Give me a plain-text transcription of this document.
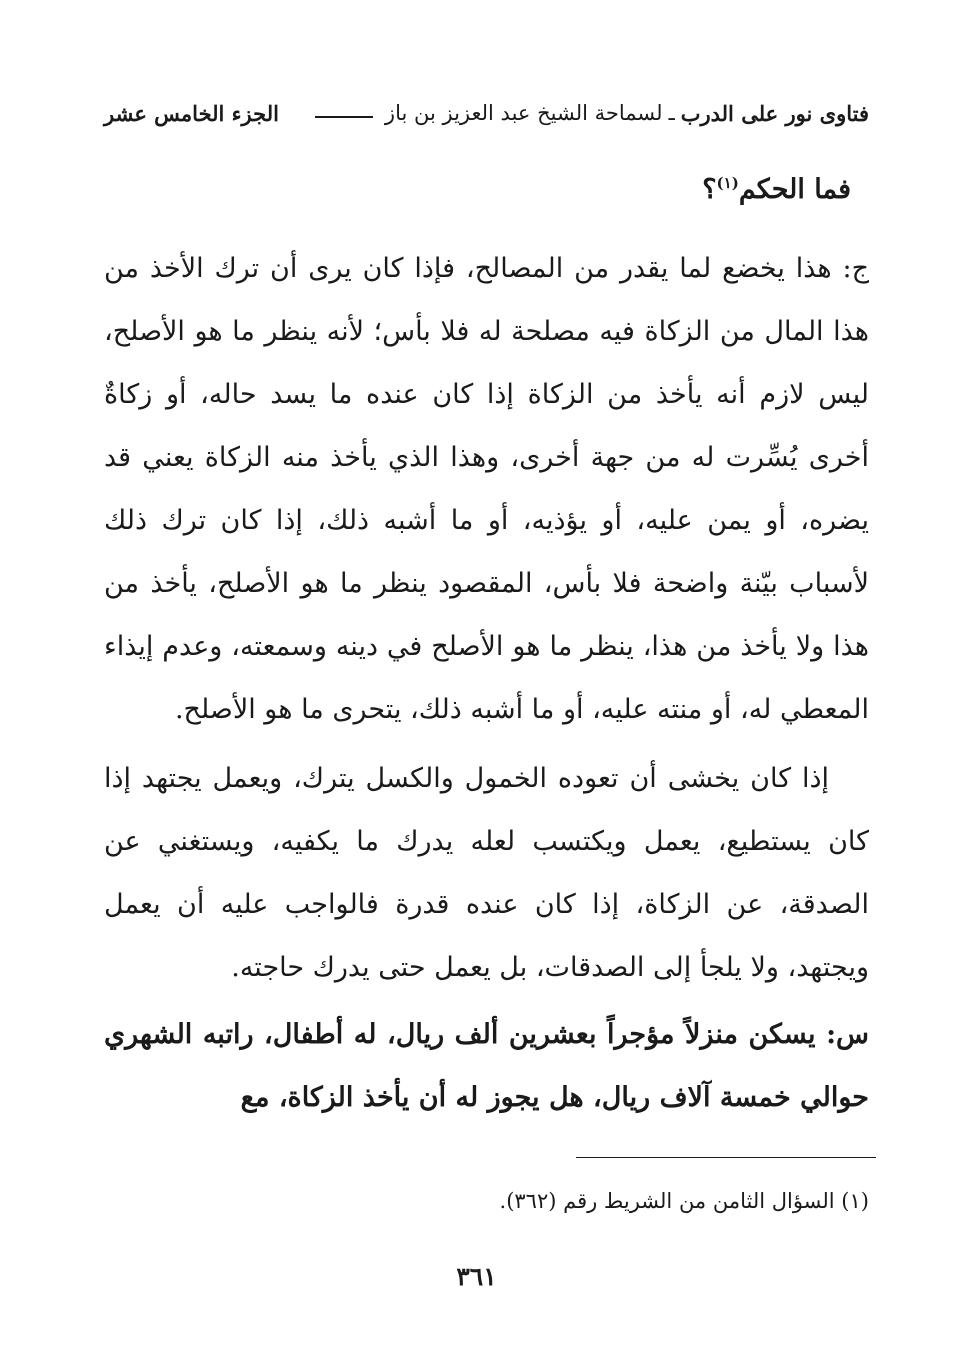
فتاوى نور على الدرب
ـ
لسماحة الشيخ عبد العزيز بن باز
الجزء الخامس عشر

فما الحكم$^{(١)}$؟

ج: هذا يخضع لما يقدر من المصالح، فإذا كان يرى أن ترك الأخذ من هذا المال من الزكاة فيه مصلحة له فلا بأس؛ لأنه ينظر ما هو الأصلح، ليس لازم أنه يأخذ من الزكاة إذا كان عنده ما يسد حاله، أو زكاةٌ أخرى يُسِّرت له من جهة أخرى، وهذا الذي يأخذ منه الزكاة يعني قد يضره، أو يمن عليه، أو يؤذيه، أو ما أشبه ذلك، إذا كان ترك ذلك لأسباب بيّنة واضحة فلا بأس، المقصود ينظر ما هو الأصلح، يأخذ من هذا ولا يأخذ من هذا، ينظر ما هو الأصلح في دينه وسمعته، وعدم إيذاء المعطي له، أو منته عليه، أو ما أشبه ذلك، يتحرى ما هو الأصلح.

إذا كان يخشى أن تعوده الخمول والكسل يترك، ويعمل يجتهد إذا كان يستطيع، يعمل ويكتسب لعله يدرك ما يكفيه، ويستغني عن الصدقة، عن الزكاة، إذا كان عنده قدرة فالواجب عليه أن يعمل ويجتهد، ولا يلجأ إلى الصدقات، بل يعمل حتى يدرك حاجته.

س: يسكن منزلاً مؤجراً بعشرين ألف ريال، له أطفال، راتبه الشهري حوالي خمسة آلاف ريال، هل يجوز له أن يأخذ الزكاة، مع

(١) السؤال الثامن من الشريط رقم (٣٦٢).
٣٦١
